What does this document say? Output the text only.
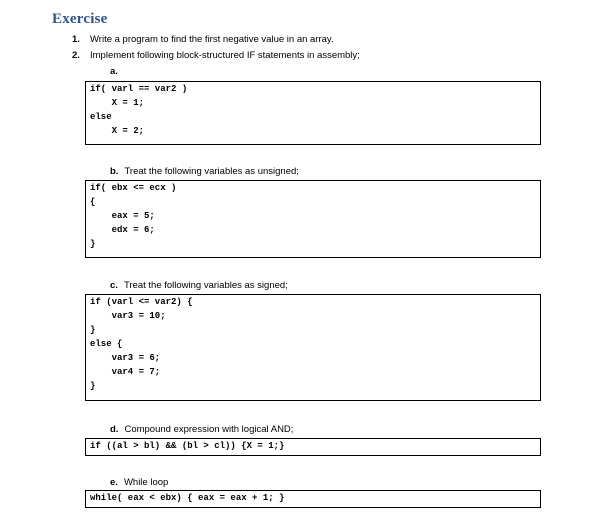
Exercise
1. Write a program to find the first negative value in an array.
2. Implement following block-structured IF statements in assembly;
a.
if( varl == var2 )
X = 1;
else
X = 2;
b. Treat the following variables as unsigned;
if( ebx <= ecx )
{
eax = 5;
edx = 6;
}
c. Treat the following variables as signed;
if (varl <= var2) {
var3 = 10;
}
else {
var3 = 6;
var4 = 7;
}
d. Compound expression with logical AND;
if ((al > bl) && (bl > cl)) {X = 1;}
e. While loop
while( eax < ebx) { eax = eax + 1; }
